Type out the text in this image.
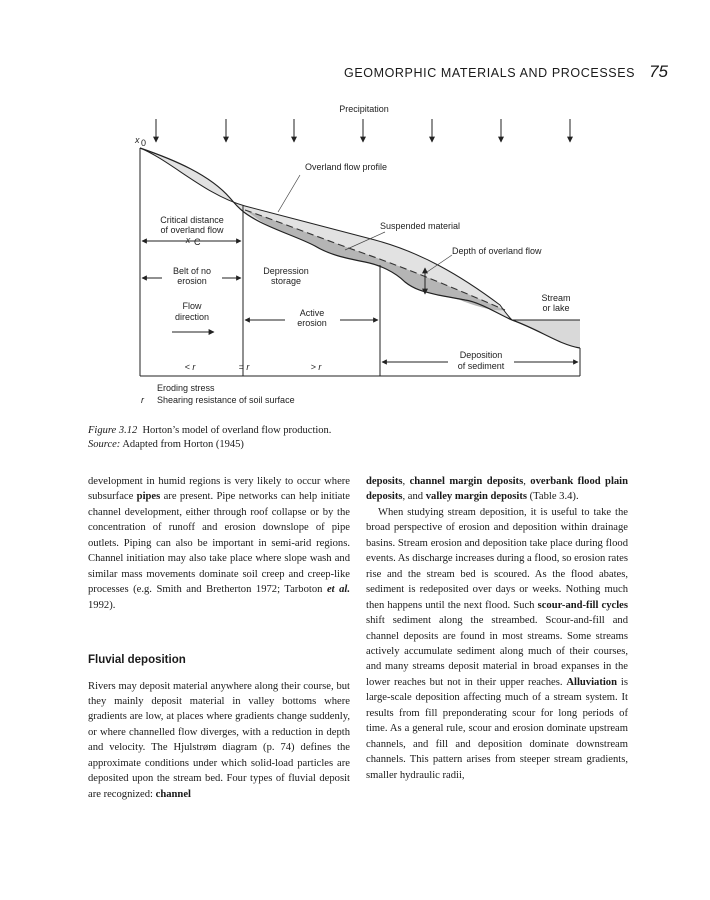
GEOMORPHIC MATERIALS AND PROCESSES 75
Precipitation
x 0
Overland flow profile
Suspended material
Depth of overland flow
Stream
or lake
Critical distance
of overland flow
x C
Belt of no
erosion
Depression
storage
Flow
direction	Active
erosion
Deposition
of sediment
< r	= r	> r
Eroding stress
r Shearing resistance of soil surface
Figure 3.12 Horton’s model of overland flow production.
Source: Adapted from Horton (1945)

development in humid regions is very likely to occur where subsurface pipes are present. Pipe networks can help initiate channel development, either through roof collapse or by the concentration of runoff and erosion downslope of pipe outlets. Piping can also be important in semi-arid regions. Channel initiation may also take place where slope wash and similar mass movements dominate soil creep and creep-like processes (e.g. Smith and Bretherton 1972; Tarboton et al. 1992).

Fluvial deposition

Rivers may deposit material anywhere along their course, but they mainly deposit material in valley bottoms where gradients are low, at places where gradients change suddenly, or where channelled flow diverges, with a reduction in depth and velocity. The Hjulstrøm diagram (p. 74) defines the approximate conditions under which solid-load particles are deposited upon the stream bed. Four types of fluvial deposit are recognized: channel

deposits, channel margin deposits, overbank flood plain deposits, and valley margin deposits (Table 3.4).

When studying stream deposition, it is useful to take the broad perspective of erosion and deposition within drainage basins. Stream erosion and deposition take place during flood events. As discharge increases during a flood, so erosion rates rise and the stream bed is scoured. As the flood abates, sediment is redeposited over days or weeks. Nothing much then happens until the next flood. Such scour-and-fill cycles shift sediment along the streambed. Scour-and-fill and channel deposits are found in most streams. Some streams actively accumulate sediment along much of their courses, and many streams deposit material in broad expanses in the lower reaches but not in their upper reaches. Alluviation is large-scale deposition affecting much of a stream system. It results from fill preponderating scour for long periods of time. As a general rule, scour and erosion dominate upstream channels, and fill and deposition dominate downstream channels. This pattern arises from steeper stream gradients, smaller hydraulic radii,
